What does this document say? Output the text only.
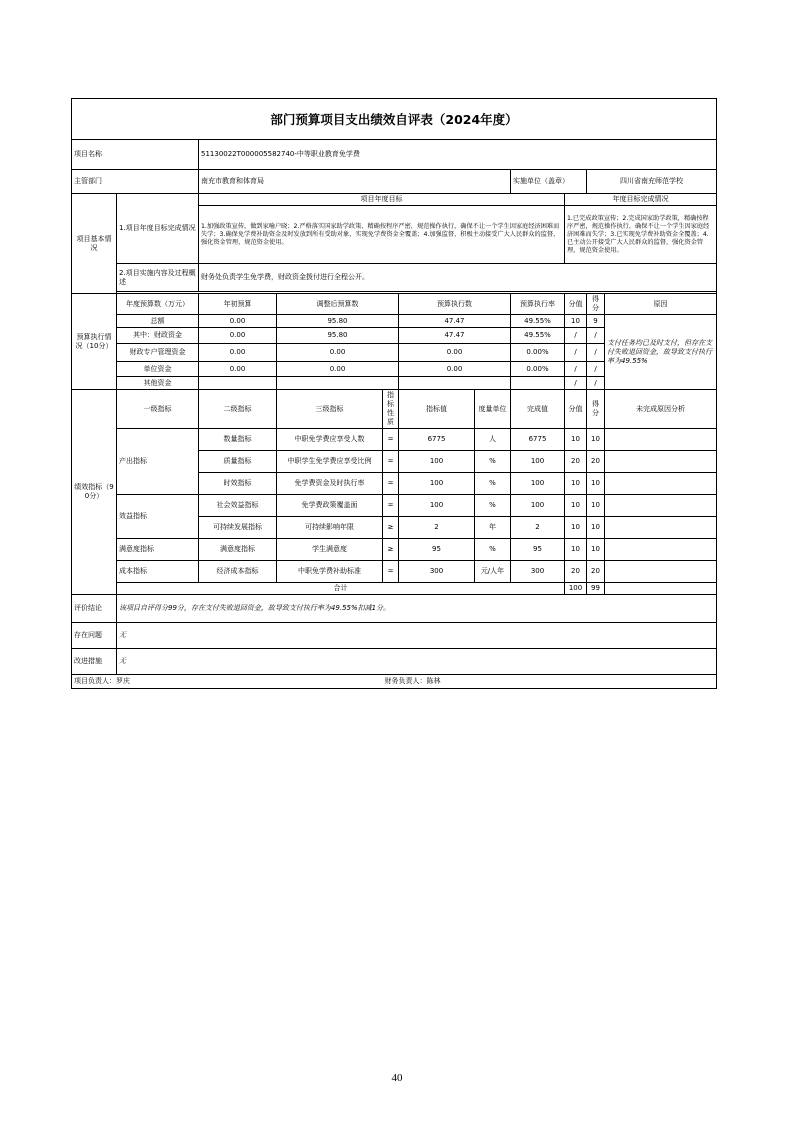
部门预算项目支出绩效自评表（2024年度）										
项目名称		51130022T000005582740-中等职业教育免学费								
主管部门		南充市教育和体育局					实施单位（盖章）		四川省南充师范学校	
项目基本情况	1.项目年度目标完成情况	项目年度目标						年度目标完成情况		
		1.加强政策宣传，做到家喻户晓；2.严格落实国家助学政策，精确按程序严密，规范操作执行，确保不让一个学生因家庭经济困难而失学；3.确保免学费补助资金及时发放到所有受助对象，实现免学费资金全覆盖；4.加强监督，积极主动接受广大人民群众的监督，强化资金管理，规范资金使用。						1.已完成政策宣传；2.完成国家助学政策，精确按程序严密，规范操作执行，确保不让一个学生因家庭经济困难而失学；3.已实现免学费补助资金全覆盖；4.已主动公开接受广大人民群众的监督，强化资金管理，规范资金使用。		
	2.项目实施内容及过程概述	财务处负责学生免学费，财政资金拨付进行全程公开。								

预算执行情况（10分）	年度预算数（万元）	年初预算	调整后预算数		预算执行数		预算执行率	分值	得分	原因
	总额	0.00	95.80		47.47		49.55%	10	9	支付任务均已及时支付，但存在支付失败退回资金，故导致支付执行率为49.55%
	其中：财政资金	0.00	95.80		47.47		49.55%	/	/	
	财政专户管理资金	0.00	0.00		0.00		0.00%	/	/	
	单位资金	0.00	0.00		0.00		0.00%	/	/	
	其他资金							/	/	
绩效指标（90分）	一级指标	二级指标	三级指标	指标性质	指标值	度量单位	完成值	分值	得分	未完成原因分析
	产出指标	数量指标	中职免学费应享受人数	=	6775	人	6775	10	10	
		质量指标	中职学生免学费应享受比例	=	100	%	100	20	20	
		时效指标	免学费资金及时执行率	=	100	%	100	10	10	
	效益指标	社会效益指标	免学费政策覆盖面	=	100	%	100	10	10	
		可持续发展指标	可持续影响年限	≥	2	年	2	10	10	
	满意度指标	满意度指标	学生满意度	≥	95	%	95	10	10	
	成本指标	经济成本指标	中职免学费补助标准	=	300	元/人年	300	20	20	
	合计							100	99	
评价结论	该项目自评得分99分，存在支付失败退回资金，故导致支付执行率为49.55%扣减1分。									
存在问题	无									
改进措施	无									
项目负责人：罗庆				财务负责人：陈林						
40
